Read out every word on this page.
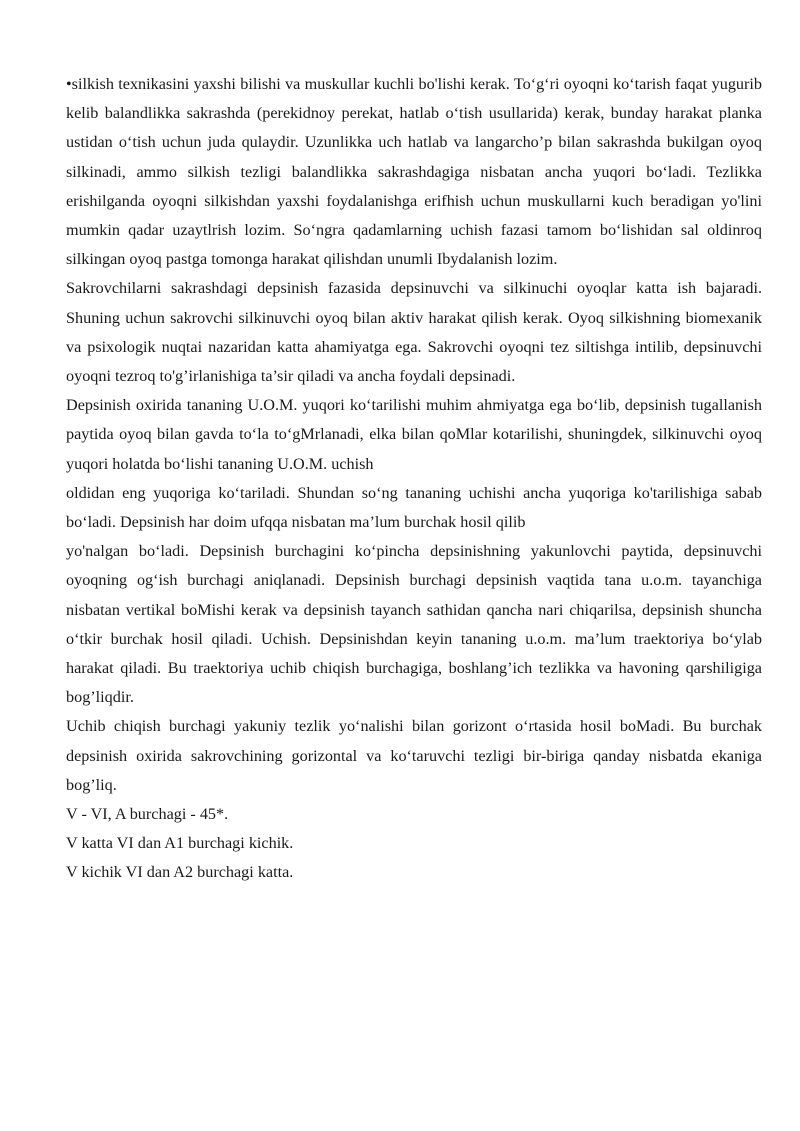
•silkish texnikasini yaxshi bilishi va muskullar kuchli bo'lishi kerak. To‘g‘ri oyoqni ko‘tarish faqat yugurib kelib balandlikka sakrashda (perekidnoy perekat, hatlab o‘tish usullarida) kerak, bunday harakat planka ustidan o‘tish uchun juda qulaydir. Uzunlikka uch hatlab va langarcho’p bilan sakrashda bukilgan oyoq silkinadi, ammo silkish tezligi balandlikka sakrashdagiga nisbatan ancha yuqori bo‘ladi. Tezlikka erishilganda oyoqni silkishdan yaxshi foydalanishga erifhish uchun muskullarni kuch beradigan yo'lini mumkin qadar uzaytlrish lozim. So‘ngra qadamlarning uchish fazasi tamom bo‘lishidan sal oldinroq silkingan oyoq pastga tomonga harakat qilishdan unumli Ibydalanish lozim.

Sakrovchilarni sakrashdagi depsinish fazasida depsinuvchi va silkinuchi oyoqlar katta ish bajaradi. Shuning uchun sakrovchi silkinuvchi oyoq bilan aktiv harakat qilish kerak. Oyoq silkishning biomexanik va psixologik nuqtai nazaridan katta ahamiyatga ega. Sakrovchi oyoqni tez siltishga intilib, depsinuvchi oyoqni tezroq to'g’irlanishiga ta’sir qiladi va ancha foydali depsinadi.

Depsinish oxirida tananing U.O.M. yuqori ko‘tarilishi muhim ahmiyatga ega bo‘lib, depsinish tugallanish paytida oyoq bilan gavda to‘la to‘gMrlanadi, elka bilan qoMlar kotarilishi, shuningdek, silkinuvchi oyoq yuqori holatda bo‘lishi tananing U.O.M. uchish

oldidan eng yuqoriga ko‘tariladi. Shundan so‘ng tananing uchishi ancha yuqoriga ko'tarilishiga sabab bo‘ladi. Depsinish har doim ufqqa nisbatan ma’lum burchak hosil qilib

yo'nalgan bo‘ladi. Depsinish burchagini ko‘pincha depsinishning yakunlovchi paytida, depsinuvchi oyoqning og‘ish burchagi aniqlanadi. Depsinish burchagi depsinish vaqtida tana u.o.m. tayanchiga nisbatan vertikal boMishi kerak va depsinish tayanch sathidan qancha nari chiqarilsa, depsinish shuncha o‘tkir burchak hosil qiladi. Uchish. Depsinishdan keyin tananing u.o.m. ma’lum traektoriya bo‘ylab harakat qiladi. Bu traektoriya uchib chiqish burchagiga, boshlang’ich tezlikka va havoning qarshiligiga bog’liqdir.

Uchib chiqish burchagi yakuniy tezlik yo‘nalishi bilan gorizont o‘rtasida hosil boMadi. Bu burchak depsinish oxirida sakrovchining gorizontal va ko‘taruvchi tezligi bir-biriga qanday nisbatda ekaniga bog’liq.

V - VI, A burchagi - 45*.

V katta VI dan A1 burchagi kichik.

V kichik VI dan A2 burchagi katta.
